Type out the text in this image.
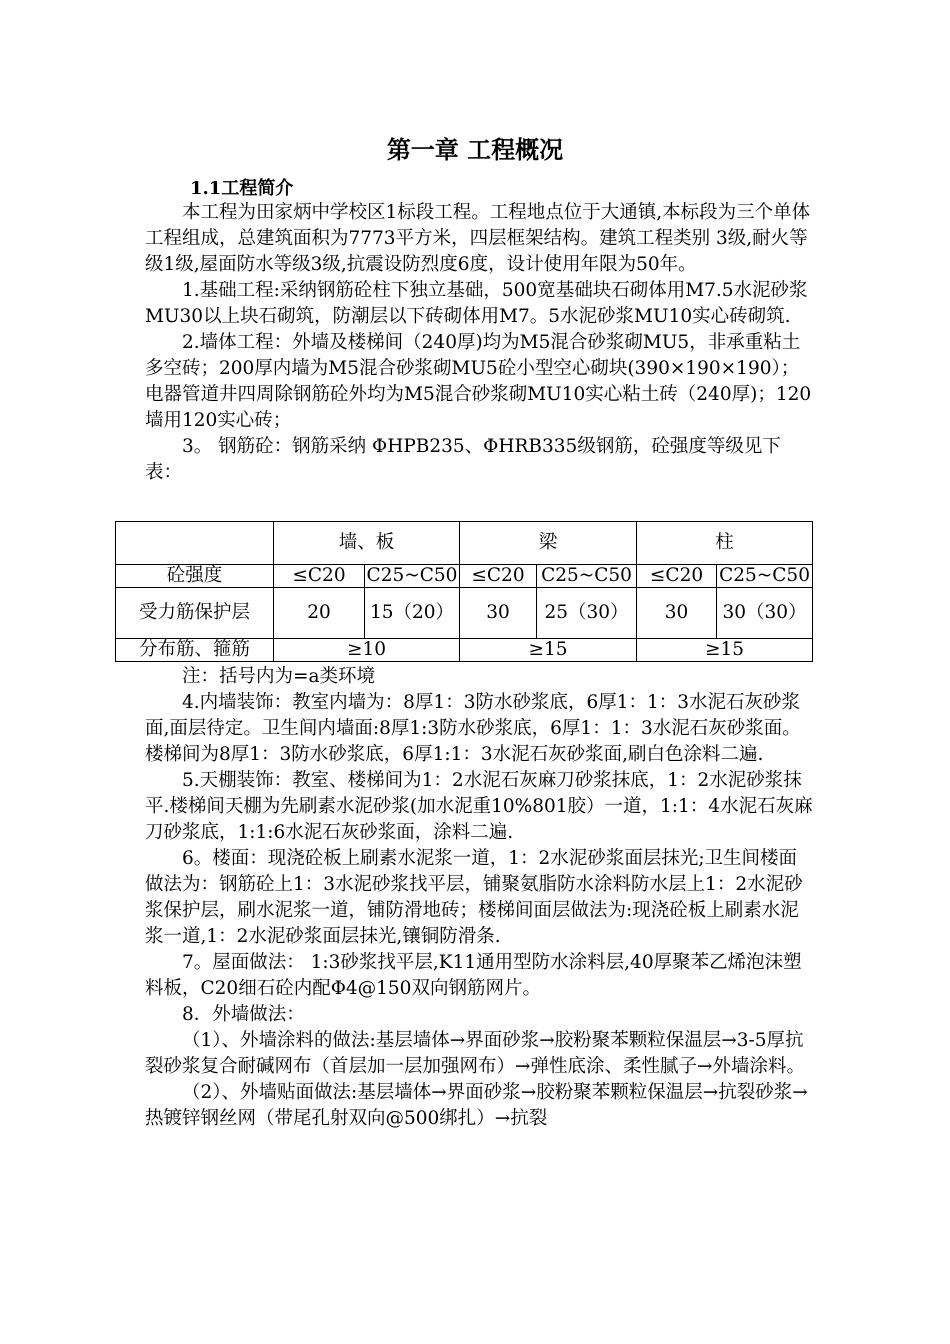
第一章 工程概况
1.1工程简介

本工程为田家炳中学校区1标段工程。工程地点位于大通镇,本标段为三个单体工程组成，总建筑面积为7773平方米，四层框架结构。建筑工程类别 3级,耐火等级1级,屋面防水等级3级,抗震设防烈度6度，设计使用年限为50年。

1.基础工程:采纳钢筋砼柱下独立基础，500宽基础块石砌体用M7.5水泥砂浆MU30以上块石砌筑，防潮层以下砖砌体用M7。5水泥砂浆MU10实心砖砌筑.

2.墙体工程：外墙及楼梯间（240厚)均为M5混合砂浆砌MU5，非承重粘土多空砖；200厚内墙为M5混合砂浆砌MU5砼小型空心砌块(390×190×190）；电器管道井四周除钢筋砼外均为M5混合砂浆砌MU10实心粘土砖（240厚)；120墙用120实心砖；

3。 钢筋砼：钢筋采纳 ΦHPB235、ΦHRB335级钢筋，砼强度等级见下表：

	墙、板		梁		柱	
砼强度	≤C20	C25~C50	≤C20	C25~C50	≤C20	C25~C50
受力筋保护层	20	15（20）	30	25（30）	30	30（30）
分布筋、箍筋	≥10		≥15		≥15	

注：括号内为=a类环境

4.内墙装饰：教室内墙为：8厚1：3防水砂浆底，6厚1：1：3水泥石灰砂浆面,面层待定。卫生间内墙面:8厚1:3防水砂浆底，6厚1：1：3水泥石灰砂浆面。楼梯间为8厚1：3防水砂浆底，6厚1:1：3水泥石灰砂浆面,刷白色涂料二遍.

5.天棚装饰：教室、楼梯间为1：2水泥石灰麻刀砂浆抹底，1：2水泥砂浆抹平.楼梯间天棚为先刷素水泥砂浆(加水泥重10%801胶）一道，1:1：4水泥石灰麻刀砂浆底，1:1:6水泥石灰砂浆面，涂料二遍.

6。楼面：现浇砼板上刷素水泥浆一道，1：2水泥砂浆面层抹光;卫生间楼面做法为：钢筋砼上1：3水泥砂浆找平层，铺聚氨脂防水涂料防水层上1：2水泥砂浆保护层，刷水泥浆一道，铺防滑地砖；楼梯间面层做法为:现浇砼板上刷素水泥浆一道,1：2水泥砂浆面层抹光,镶铜防滑条.

7。屋面做法： 1:3砂浆找平层,K11通用型防水涂料层,40厚聚苯乙烯泡沫塑料板，C20细石砼内配Φ4@150双向钢筋网片。

8．外墙做法：

（1）、外墙涂料的做法:基层墙体→界面砂浆→胶粉聚苯颗粒保温层→3-5厚抗裂砂浆复合耐碱网布（首层加一层加强网布）→弹性底涂、柔性腻子→外墙涂料。

（2）、外墙贴面做法:基层墙体→界面砂浆→胶粉聚苯颗粒保温层→抗裂砂浆→热镀锌钢丝网（带尾孔射双向@500绑扎）→抗裂
